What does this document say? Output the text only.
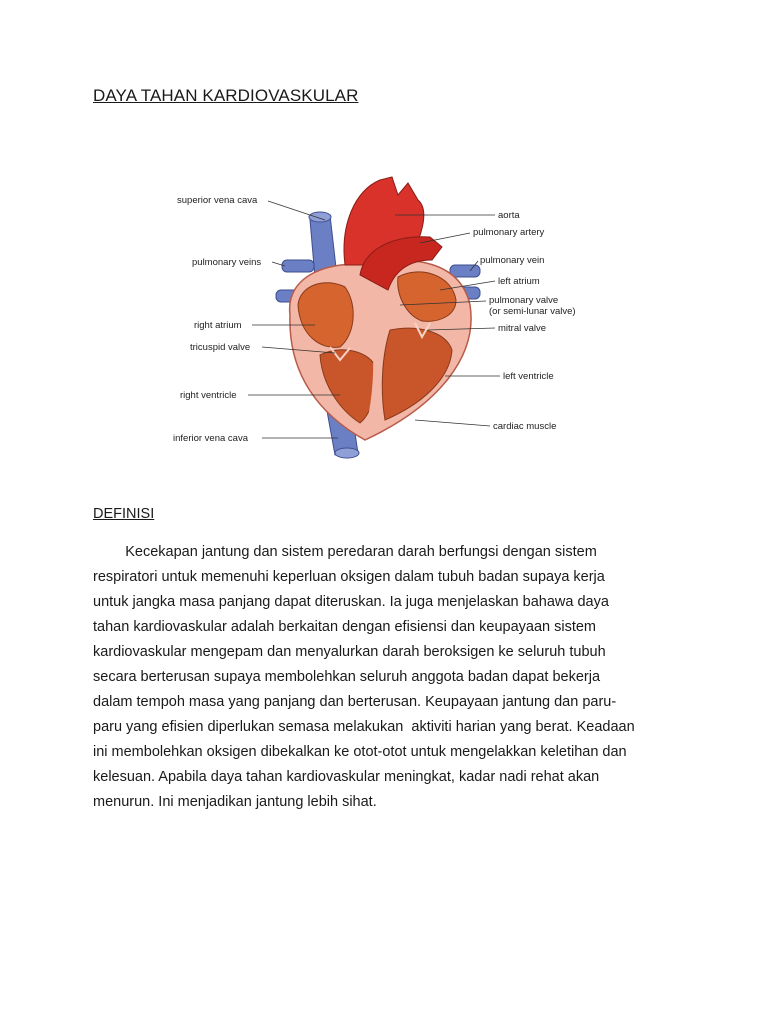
DAYA TAHAN KARDIOVASKULAR
superior vena cava
pulmonary veins
right atrium
tricuspid valve
right ventricle
inferior vena cava
aorta
pulmonary artery
pulmonary vein
left atrium
pulmonary valve
(or semi-lunar valve)
mitral valve
left ventricle
cardiac muscle
DEFINISI
Kecekapan jantung dan sistem peredaran darah berfungsi dengan sistem
respiratori untuk memenuhi keperluan oksigen dalam tubuh badan supaya kerja
untuk jangka masa panjang dapat diteruskan. Ia juga menjelaskan bahawa daya
tahan kardiovaskular adalah berkaitan dengan efisiensi dan keupayaan sistem
kardiovaskular mengepam dan menyalurkan darah beroksigen ke seluruh tubuh
secara berterusan supaya membolehkan seluruh anggota badan dapat bekerja
dalam tempoh masa yang panjang dan berterusan. Keupayaan jantung dan paru-
paru yang efisien diperlukan semasa melakukan  aktiviti harian yang berat. Keadaan
ini membolehkan oksigen dibekalkan ke otot-otot untuk mengelakkan keletihan dan
kelesuan. Apabila daya tahan kardiovaskular meningkat, kadar nadi rehat akan
menurun. Ini menjadikan jantung lebih sihat.
